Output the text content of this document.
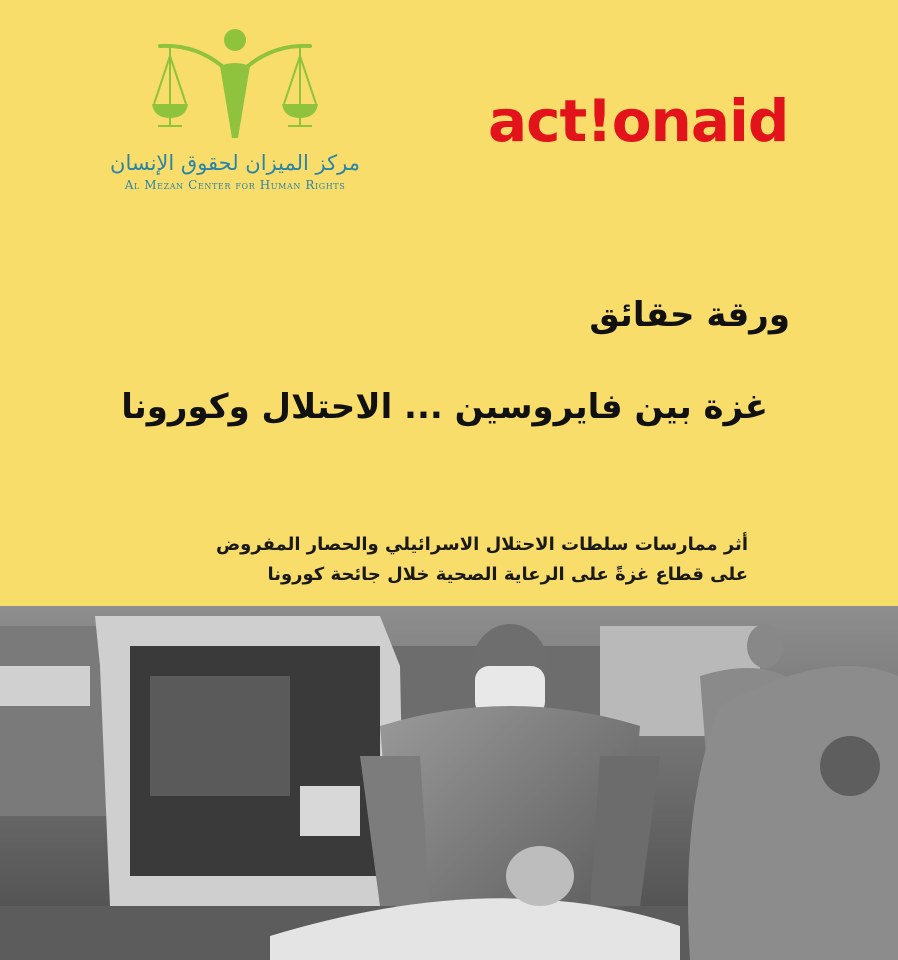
مركز الميزان لحقوق الإنسان
Al Mezan Center for Human Rights
act!onaid
ورقة حقائق
غزة بين فايروسين ... الاحتلال وكورونا
أثر ممارسات سلطات الاحتلال الاسرائيلي والحصار المفروض
على قطاع غزةً على الرعاية الصحية خلال جائحة كورونا
